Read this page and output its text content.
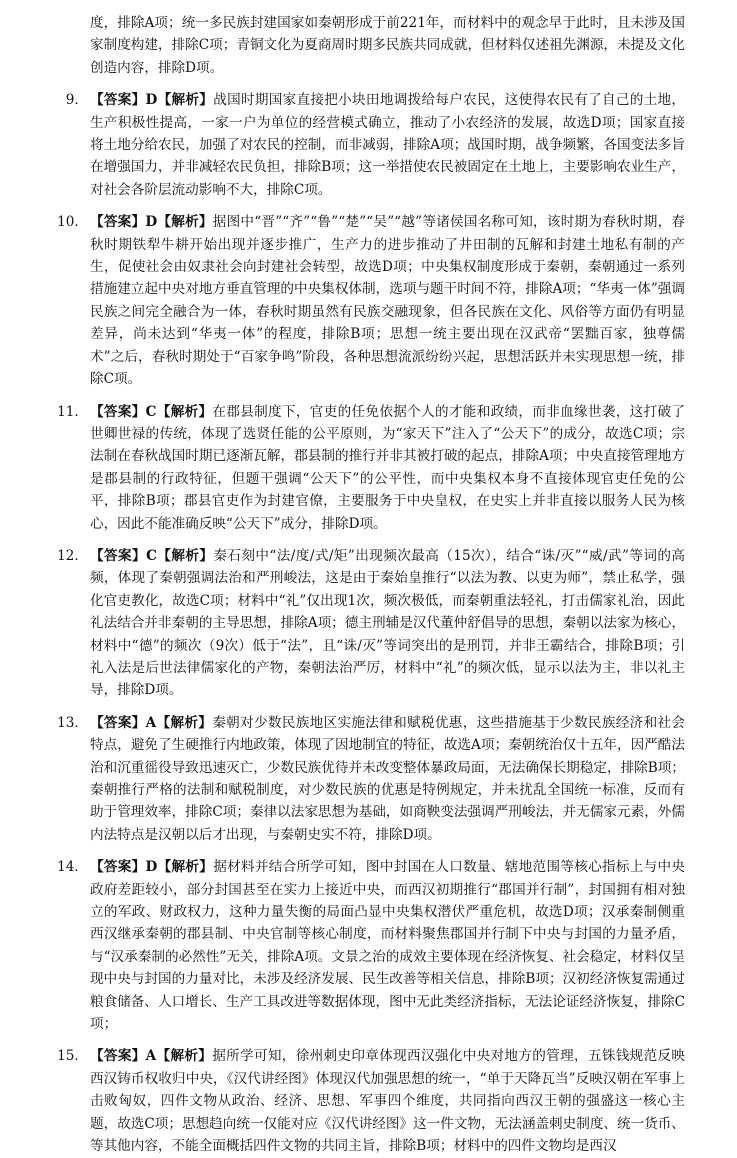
度，排除A项；统一多民族封建国家如秦朝形成于前221年，而材料中的观念早于此时，且未涉及国家制度构建，排除C项；青铜文化为夏商周时期多民族共同成就，但材料仅述祖先渊源，未提及文化创造内容，排除D项。

9． 【答案】D【解析】战国时期国家直接把小块田地调拨给每户农民，这使得农民有了自己的土地，生产积极性提高，一家一户为单位的经营模式确立，推动了小农经济的发展，故选D项；国家直接将土地分给农民，加强了对农民的控制，而非减弱，排除A项；战国时期，战争频繁，各国变法多旨在增强国力，并非减轻农民负担，排除B项；这一举措使农民被固定在土地上，主要影响农业生产，对社会各阶层流动影响不大，排除C项。

10． 【答案】D【解析】据图中“晋”“齐”“鲁”“楚”“吴”“越”等诸侯国名称可知，该时期为春秋时期，春秋时期铁犁牛耕开始出现并逐步推广，生产力的进步推动了井田制的瓦解和封建土地私有制的产生，促使社会由奴隶社会向封建社会转型，故选D项；中央集权制度形成于秦朝，秦朝通过一系列措施建立起中央对地方垂直管理的中央集权体制，选项与题干时间不符，排除A项；“华夷一体”强调民族之间完全融合为一体，春秋时期虽然有民族交融现象，但各民族在文化、风俗等方面仍有明显差异，尚未达到“华夷一体”的程度，排除B项；思想一统主要出现在汉武帝“罢黜百家，独尊儒术”之后，春秋时期处于“百家争鸣”阶段，各种思想流派纷纷兴起，思想活跃并未实现思想一统，排除C项。

11． 【答案】C【解析】在郡县制度下，官吏的任免依据个人的才能和政绩，而非血缘世袭，这打破了世卿世禄的传统，体现了选贤任能的公平原则，为“家天下”注入了“公天下”的成分，故选C项；宗法制在春秋战国时期已逐渐瓦解，郡县制的推行并非其被打破的起点，排除A项；中央直接管理地方是郡县制的行政特征，但题干强调“公天下”的公平性，而中央集权本身不直接体现官吏任免的公平，排除B项；郡县官吏作为封建官僚，主要服务于中央皇权，在史实上并非直接以服务人民为核心，因此不能准确反映“公天下”成分，排除D项。

12． 【答案】C【解析】秦石刻中“法/度/式/矩”出现频次最高（15次），结合“诛/灭”“威/武”等词的高频，体现了秦朝强调法治和严刑峻法，这是由于秦始皇推行“以法为教、以吏为师”，禁止私学，强化官吏教化，故选C项；材料中“礼”仅出现1次，频次极低，而秦朝重法轻礼，打击儒家礼治，因此礼法结合并非秦朝的主导思想，排除A项；德主刑辅是汉代董仲舒倡导的思想，秦朝以法家为核心，材料中“德”的频次（9次）低于“法”，且“诛/灭”等词突出的是刑罚，并非王霸结合，排除B项；引礼入法是后世法律儒家化的产物，秦朝法治严厉，材料中“礼”的频次低，显示以法为主，非以礼主导，排除D项。

13． 【答案】A【解析】秦朝对少数民族地区实施法律和赋税优惠，这些措施基于少数民族经济和社会特点，避免了生硬推行内地政策，体现了因地制宜的特征，故选A项；秦朝统治仅十五年，因严酷法治和沉重徭役导致迅速灭亡，少数民族优待并未改变整体暴政局面，无法确保长期稳定，排除B项；秦朝推行严格的法制和赋税制度，对少数民族的优惠是特例规定，并未扰乱全国统一标准，反而有助于管理效率，排除C项；秦律以法家思想为基础，如商鞅变法强调严刑峻法，并无儒家元素，外儒内法特点是汉朝以后才出现，与秦朝史实不符，排除D项。

14． 【答案】D【解析】据材料并结合所学可知，图中封国在人口数量、辖地范围等核心指标上与中央政府差距较小，部分封国甚至在实力上接近中央，而西汉初期推行“郡国并行制”，封国拥有相对独立的军政、财政权力，这种力量失衡的局面凸显中央集权潜伏严重危机，故选D项；汉承秦制侧重西汉继承秦朝的郡县制、中央官制等核心制度，而材料聚焦郡国并行制下中央与封国的力量矛盾，与“汉承秦制的必然性”无关，排除A项。文景之治的成效主要体现在经济恢复、社会稳定，材料仅呈现中央与封国的力量对比，未涉及经济发展、民生改善等相关信息，排除B项；汉初经济恢复需通过粮食储备、人口增长、生产工具改进等数据体现，图中无此类经济指标，无法论证经济恢复，排除C项；

15． 【答案】A【解析】据所学可知，徐州刺史印章体现西汉强化中央对地方的管理，五铢钱规范反映西汉铸币权收归中央，《汉代讲经图》体现汉代加强思想的统一，“单于天降瓦当”反映汉朝在军事上击败匈奴，四件文物从政治、经济、思想、军事四个维度，共同指向西汉王朝的强盛这一核心主题，故选C项；思想趋向统一仅能对应《汉代讲经图》这一件文物，无法涵盖刺史制度、统一货币、等其他内容，不能全面概括四件文物的共同主旨，排除B项；材料中的四件文物均是西汉
